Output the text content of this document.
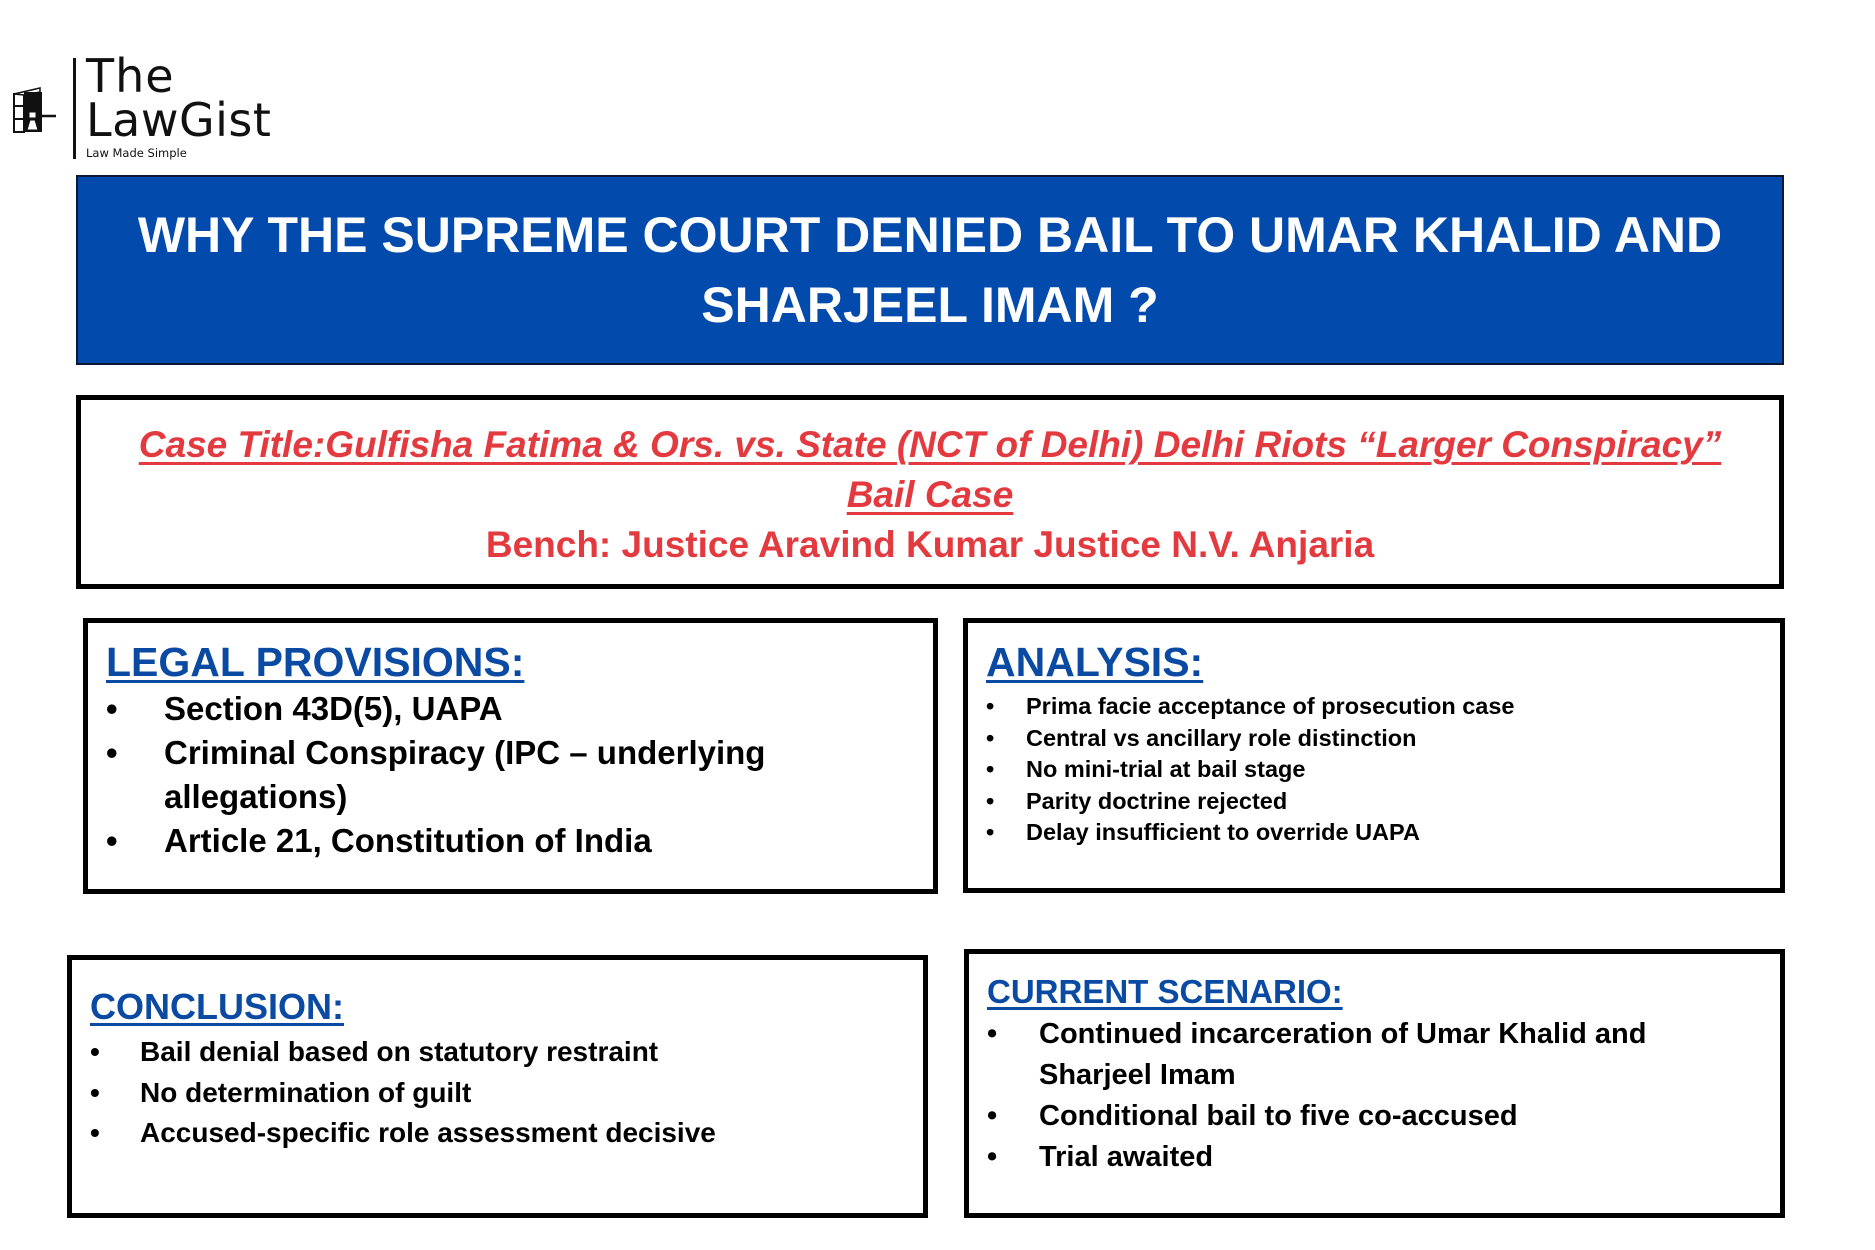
The
LawGist
Law Made Simple
WHY THE SUPREME COURT DENIED BAIL TO UMAR KHALID AND
SHARJEEL IMAM ?
Case Title:Gulfisha Fatima & Ors. vs. State (NCT of Delhi) Delhi Riots “Larger Conspiracy”
Bail Case
Bench: Justice Aravind Kumar Justice N.V. Anjaria
LEGAL PROVISIONS:
• Section 43D(5), UAPA
• Criminal Conspiracy (IPC – underlying allegations)
• Article 21, Constitution of India
ANALYSIS:
• Prima facie acceptance of prosecution case
• Central vs ancillary role distinction
• No mini-trial at bail stage
• Parity doctrine rejected
• Delay insufficient to override UAPA
CONCLUSION:
• Bail denial based on statutory restraint
• No determination of guilt
• Accused-specific role assessment decisive
CURRENT SCENARIO:
• Continued incarceration of Umar Khalid and Sharjeel Imam
• Conditional bail to five co-accused
• Trial awaited
